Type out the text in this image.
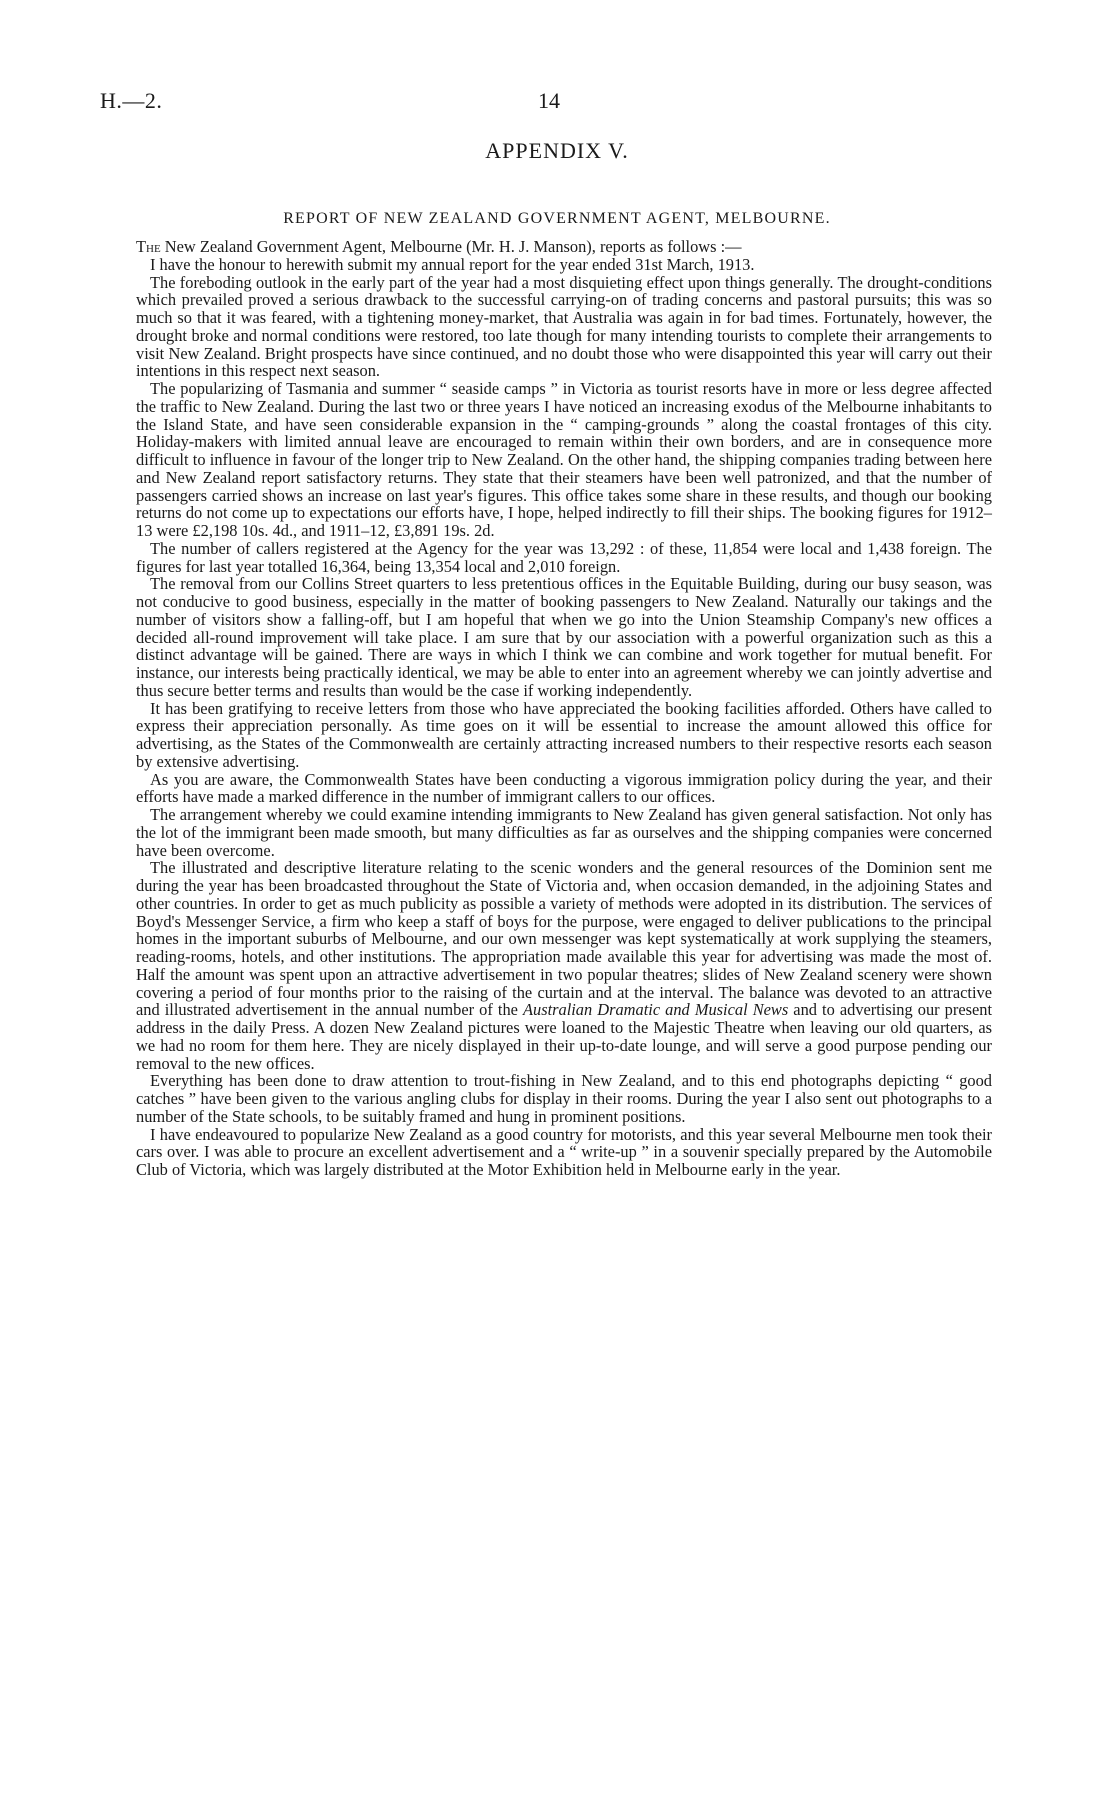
H.—2.	14
APPENDIX V.
REPORT OF NEW ZEALAND GOVERNMENT AGENT, MELBOURNE.

The New Zealand Government Agent, Melbourne (Mr. H. J. Manson), reports as follows :—

I have the honour to herewith submit my annual report for the year ended 31st March, 1913.

The foreboding outlook in the early part of the year had a most disquieting effect upon things generally. The drought-conditions which prevailed proved a serious drawback to the successful carrying-on of trading concerns and pastoral pursuits; this was so much so that it was feared, with a tightening money-market, that Australia was again in for bad times. Fortunately, however, the drought broke and normal conditions were restored, too late though for many intending tourists to complete their arrangements to visit New Zealand. Bright prospects have since continued, and no doubt those who were disappointed this year will carry out their intentions in this respect next season.

The popularizing of Tasmania and summer “ seaside camps ” in Victoria as tourist resorts have in more or less degree affected the traffic to New Zealand. During the last two or three years I have noticed an increasing exodus of the Melbourne inhabitants to the Island State, and have seen considerable expansion in the “ camping-grounds ” along the coastal frontages of this city. Holiday-makers with limited annual leave are encouraged to remain within their own borders, and are in consequence more difficult to influence in favour of the longer trip to New Zealand. On the other hand, the shipping companies trading between here and New Zealand report satisfactory returns. They state that their steamers have been well patronized, and that the number of passengers carried shows an increase on last year's figures. This office takes some share in these results, and though our booking returns do not come up to expectations our efforts have, I hope, helped indirectly to fill their ships. The booking figures for 1912–13 were £2,198 10s. 4d., and 1911–12, £3,891 19s. 2d.

The number of callers registered at the Agency for the year was 13,292 : of these, 11,854 were local and 1,438 foreign. The figures for last year totalled 16,364, being 13,354 local and 2,010 foreign.

The removal from our Collins Street quarters to less pretentious offices in the Equitable Building, during our busy season, was not conducive to good business, especially in the matter of booking passengers to New Zealand. Naturally our takings and the number of visitors show a falling-off, but I am hopeful that when we go into the Union Steamship Company's new offices a decided all-round improvement will take place. I am sure that by our association with a powerful organization such as this a distinct advantage will be gained. There are ways in which I think we can combine and work together for mutual benefit. For instance, our interests being practically identical, we may be able to enter into an agreement whereby we can jointly advertise and thus secure better terms and results than would be the case if working independently.

It has been gratifying to receive letters from those who have appreciated the booking facilities afforded. Others have called to express their appreciation personally. As time goes on it will be essential to increase the amount allowed this office for advertising, as the States of the Commonwealth are certainly attracting increased numbers to their respective resorts each season by extensive advertising.

As you are aware, the Commonwealth States have been conducting a vigorous immigration policy during the year, and their efforts have made a marked difference in the number of immigrant callers to our offices.

The arrangement whereby we could examine intending immigrants to New Zealand has given general satisfaction. Not only has the lot of the immigrant been made smooth, but many difficulties as far as ourselves and the shipping companies were concerned have been overcome.

The illustrated and descriptive literature relating to the scenic wonders and the general resources of the Dominion sent me during the year has been broadcasted throughout the State of Victoria and, when occasion demanded, in the adjoining States and other countries. In order to get as much publicity as possible a variety of methods were adopted in its distribution. The services of Boyd's Messenger Service, a firm who keep a staff of boys for the purpose, were engaged to deliver publications to the principal homes in the important suburbs of Melbourne, and our own messenger was kept systematically at work supplying the steamers, reading-rooms, hotels, and other institutions. The appropriation made available this year for advertising was made the most of. Half the amount was spent upon an attractive advertisement in two popular theatres; slides of New Zealand scenery were shown covering a period of four months prior to the raising of the curtain and at the interval. The balance was devoted to an attractive and illustrated advertisement in the annual number of the Australian Dramatic and Musical News and to advertising our present address in the daily Press. A dozen New Zealand pictures were loaned to the Majestic Theatre when leaving our old quarters, as we had no room for them here. They are nicely displayed in their up-to-date lounge, and will serve a good purpose pending our removal to the new offices.

Everything has been done to draw attention to trout-fishing in New Zealand, and to this end photographs depicting “ good catches ” have been given to the various angling clubs for display in their rooms. During the year I also sent out photographs to a number of the State schools, to be suitably framed and hung in prominent positions.

I have endeavoured to popularize New Zealand as a good country for motorists, and this year several Melbourne men took their cars over. I was able to procure an excellent advertisement and a “ write-up ” in a souvenir specially prepared by the Automobile Club of Victoria, which was largely distributed at the Motor Exhibition held in Melbourne early in the year.
